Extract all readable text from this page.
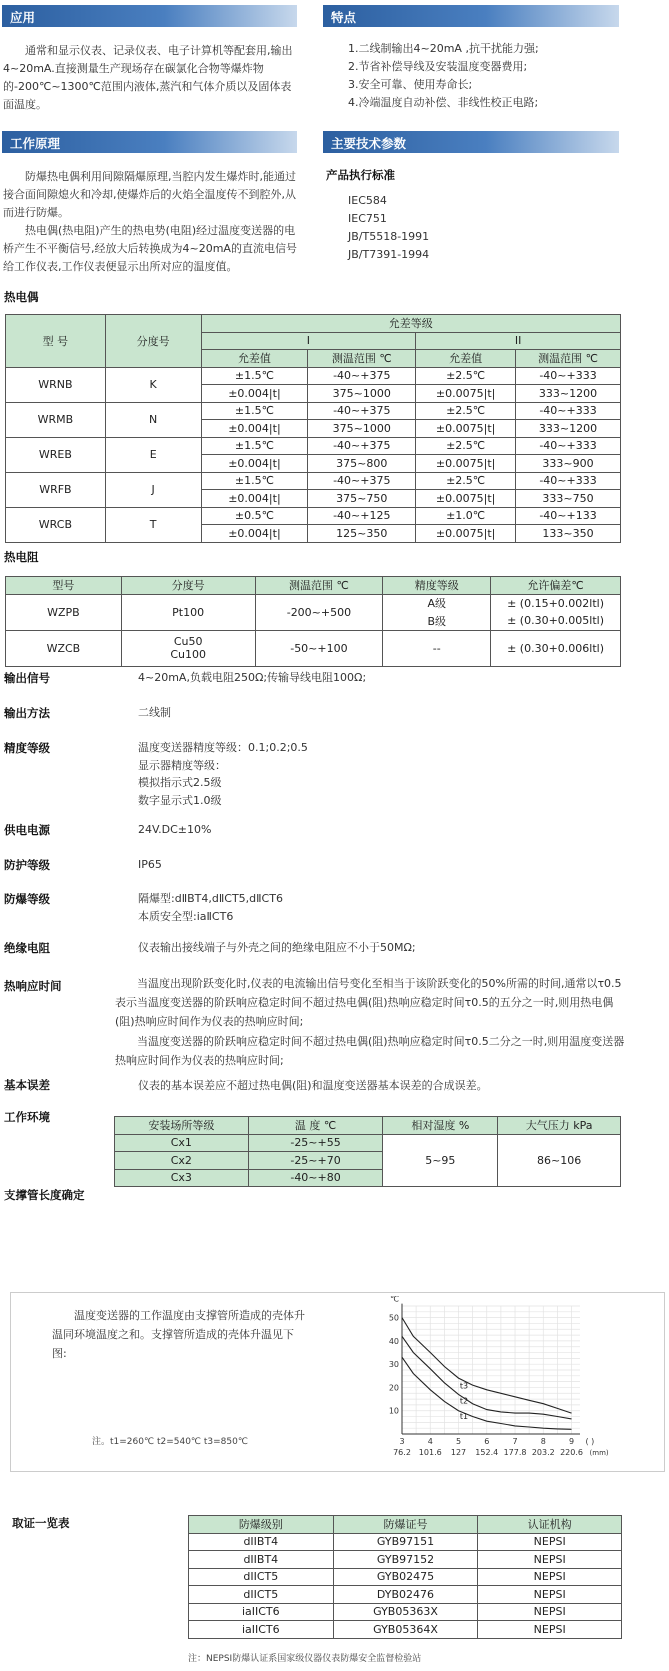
应用	特点
通常和显示仪表、记录仪表、电子计算机等配套用,输出4~20mA.直接测量生产现场存在碳氯化合物等爆炸物的-200℃~1300℃范围内液体,蒸汽和气体介质以及固体表面温度。
1.二线制输出4~20mA ,抗干扰能力强;
2.节省补偿导线及安装温度变器费用;
3.安全可靠、使用寿命长;
4.冷端温度自动补偿、非线性校正电路;
工作原理	主要技术参数
防爆热电偶利用间隙隔爆原理,当腔内发生爆炸时,能通过接合面间隙熄火和冷却,使爆炸后的火焰全温度传不到腔外,从而进行防爆。
热电偶(热电阻)产生的热电势(电阻)经过温度变送器的电桥产生不平衡信号,经放大后转换成为4~20mA的直流电信号给工作仪表,工作仪表便显示出所对应的温度值。
产品执行标准
IEC584
IEC751
JB/T5518-1991
JB/T7391-1994
热电偶
型 号	分度号	允差等级			
		I		II	
		允差值	测温范围 ℃	允差值	测温范围 ℃
WRNB	K	±1.5℃	-40~+375	±2.5℃	-40~+333
		±0.004|t|	375~1000	±0.0075|t|	333~1200
WRMB	N	±1.5℃	-40~+375	±2.5℃	-40~+333
		±0.004|t|	375~1000	±0.0075|t|	333~1200
WREB	E	±1.5℃	-40~+375	±2.5℃	-40~+333
		±0.004|t|	375~800	±0.0075|t|	333~900
WRFB	J	±1.5℃	-40~+375	±2.5℃	-40~+333
		±0.004|t|	375~750	±0.0075|t|	333~750
WRCB	T	±0.5℃	-40~+125	±1.0℃	-40~+133
		±0.004|t|	125~350	±0.0075|t|	133~350
热电阻
型号	分度号	测温范围 ℃	精度等级	允许偏差℃
WZPB	Pt100	-200~+500	A级	± (0.15+0.002ltl)
			B级	± (0.30+0.005ltl)
WZCB	Cu50
Cu100	-50~+100	--	± (0.30+0.006ltl)
输出信号	4~20mA,负载电阻250Ω;传输导线电阻100Ω;
输出方法	二线制
精度等级	温度变送器精度等级：0.1;0.2;0.5
显示器精度等级：
模拟指示式2.5级
数字显示式1.0级
供电电源	24V.DC±10%
防护等级	IP65
防爆等级	隔爆型:dⅡBT4,dⅡCT5,dⅡCT6
本质安全型:iaⅡCT6
绝缘电阻	仪表输出接线端子与外壳之间的绝缘电阻应不小于50MΩ;
热响应时间	当温度出现阶跃变化时,仪表的电流输出信号变化至相当于该阶跃变化的50%所需的时间,通常以τ0.5表示当温度变送器的阶跃响应稳定时间不超过热电偶(阻)热响应稳定时间τ0.5的五分之一时,则用热电偶(阻)热响应时间作为仪表的热响应时间;
当温度变送器的阶跃响应稳定时间不超过热电偶(阻)热响应稳定时间τ0.5二分之一时,则用温度变送器热响应时间作为仪表的热响应时间;
基本误差	仪表的基本误差应不超过热电偶(阻)和温度变送器基本误差的合成误差。
工作环境
安装场所等级	温 度 ℃	相对湿度 %	大气压力 kPa
Cx1	-25~+55	5~95	86~106
Cx2	-25~+70		
Cx3	-40~+80		
支撑管长度确定
温度变送器的工作温度由支撑管所造成的壳体升温同环境温度之和。支撑管所造成的壳体升温见下图:
注。t1=260℃ t2=540℃ t3=850℃
℃
10
20
30
40
50
3
76.2
4
101.6
5
127
6
152.4
7
177.8
8
203.2
9
220.6
( )
(mm)
t3
t2
t1
取证一览表	防爆级别	防爆证号	认证机构
dIIBT4	GYB97151	NEPSI
dIIBT4	GYB97152	NEPSI
dIICT5	GYB02475	NEPSI
dIICT5	DYB02476	NEPSI
iaIICT6	GYB05363X	NEPSI
iaIICT6	GYB05364X	NEPSI
注：NEPSI防爆认证系国家级仪器仪表防爆安全监督检验站
